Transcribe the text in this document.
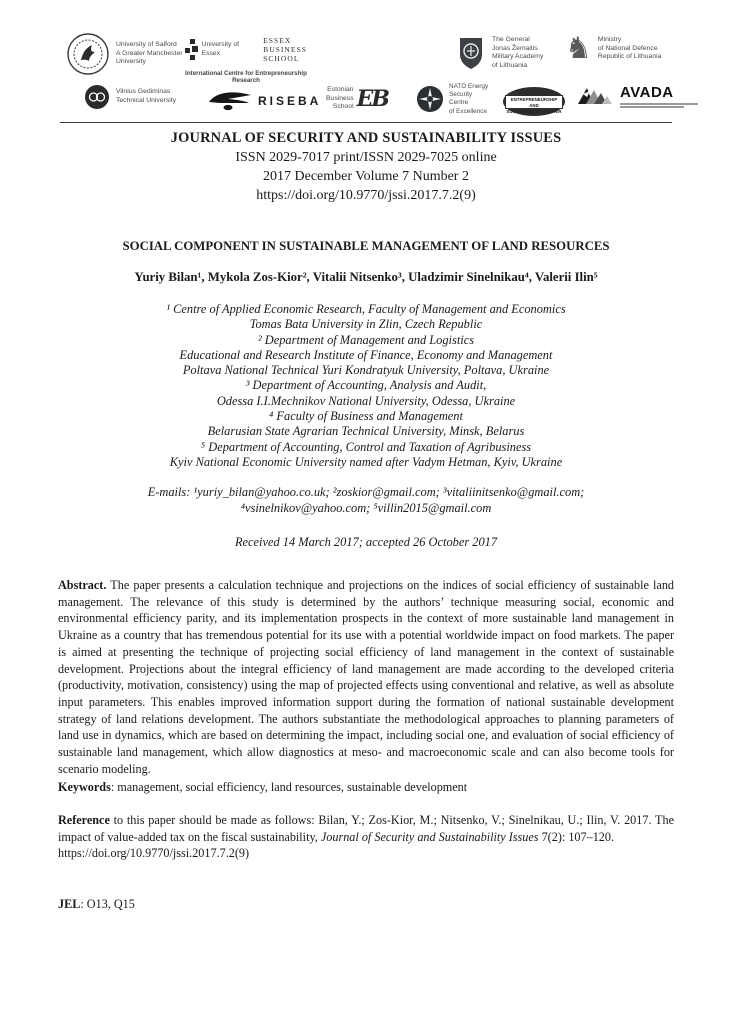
University of Salford
A Greater Manchester
University
University of Essex
ESSEX
BUSINESS
SCHOOL
International Centre for Entrepreneurship Research
The General
Jonas Žemaitis
Military Academy
of Lithuania	♞ Ministry
of National Defence
Republic of Lithuania
Vilnius Gediminas
Technical University	RISEBA
Estonian
Business
School EB	NATO Energy
Security
Centre
of Excellence
ENTREPRENEURSHIP AND
SUSTAINABILITY CENTER
AVADA
JOURNAL OF SECURITY AND SUSTAINABILITY ISSUES
ISSN 2029-7017 print/ISSN 2029-7025 online
2017 December Volume 7 Number 2
https://doi.org/10.9770/jssi.2017.7.2(9)
SOCIAL COMPONENT IN SUSTAINABLE MANAGEMENT OF LAND RESOURCES
Yuriy Bilan¹, Mykola Zos-Kior², Vitalii Nitsenko³, Uladzimir Sinelnikau⁴, Valerii Ilin⁵
¹ Centre of Applied Economic Research, Faculty of Management and Economics
Tomas Bata University in Zlin, Czech Republic
² Department of Management and Logistics
Educational and Research Institute of Finance, Economy and Management
Poltava National Technical Yuri Kondratyuk University, Poltava, Ukraine
³ Department of Accounting, Analysis and Audit,
Odessa I.I.Mechnikov National University, Odessa, Ukraine
⁴ Faculty of Business and Management
Belarusian State Agrarian Technical University, Minsk, Belarus
⁵ Department of Accounting, Control and Taxation of Agribusiness
Kyiv National Economic University named after Vadym Hetman, Kyiv, Ukraine
E-mails: ¹yuriy_bilan@yahoo.co.uk; ²zoskior@gmail.com; ³vitaliinitsenko@gmail.com;
⁴vsinelnikov@yahoo.com; ⁵villin2015@gmail.com
Received 14 March 2017; accepted 26 October 2017

Abstract. The paper presents a calculation technique and projections on the indices of social efficiency of sustainable land management. The relevance of this study is determined by the authors’ technique measuring social, economic and environmental efficiency parity, and its implementation prospects in the context of more sustainable land management in Ukraine as a country that has tremendous potential for its use with a potential worldwide impact on food markets. The paper is aimed at presenting the technique of projecting social efficiency of land management in the context of sustainable development. Projections about the integral efficiency of land management are made according to the developed criteria (productivity, motivation, consistency) using the map of projected effects using conventional and relative, as well as absolute input parameters. This enables improved information support during the formation of national sustainable development strategy of land relations development. The authors substantiate the methodological approaches to planning parameters of land use in dynamics, which are based on determining the impact, including social one, and evaluation of social efficiency of sustainable land management, which allow diagnostics at meso- and macroeconomic scale and can also become tools for scenario modeling.

Keywords: management, social efficiency, land resources, sustainable development

Reference to this paper should be made as follows: Bilan, Y.; Zos-Kior, M.; Nitsenko, V.; Sinelnikau, U.; Ilin, V. 2017. The impact of value-added tax on the fiscal sustainability, Journal of Security and Sustainability Issues 7(2): 107–120.
https://doi.org/10.9770/jssi.2017.7.2(9)

JEL: O13, Q15
